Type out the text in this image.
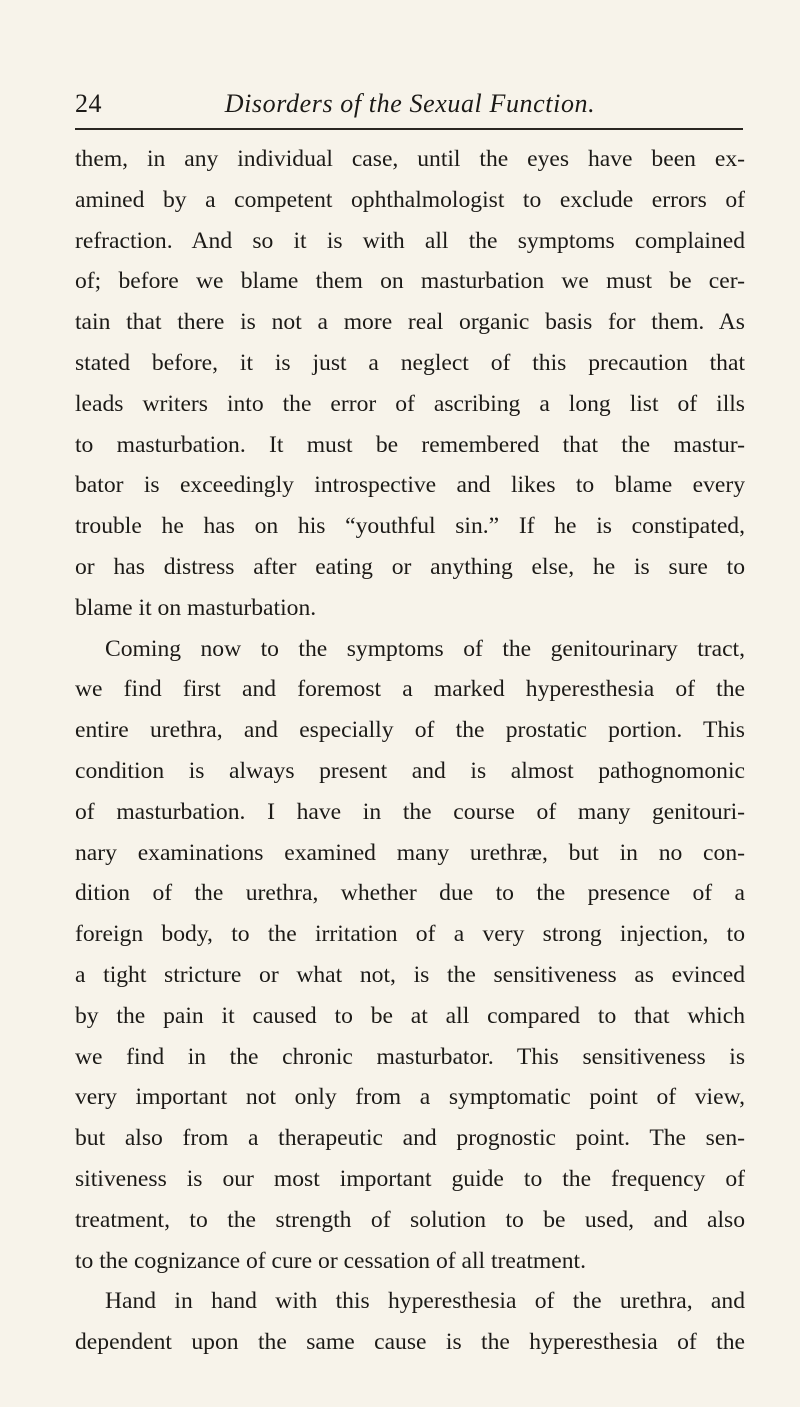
24	Disorders of the Sexual Function.
them, in any individual case, until the eyes have been ex-
amined by a competent ophthalmologist to exclude errors of
refraction. And so it is with all the symptoms complained
of; before we blame them on masturbation we must be cer-
tain that there is not a more real organic basis for them. As
stated before, it is just a neglect of this precaution that
leads writers into the error of ascribing a long list of ills
to masturbation. It must be remembered that the mastur-
bator is exceedingly introspective and likes to blame every
trouble he has on his “youthful sin.” If he is constipated,
or has distress after eating or anything else, he is sure to
blame it on masturbation.
Coming now to the symptoms of the genitourinary tract,
we find first and foremost a marked hyperesthesia of the
entire urethra, and especially of the prostatic portion. This
condition is always present and is almost pathognomonic
of masturbation. I have in the course of many genitouri-
nary examinations examined many urethræ, but in no con-
dition of the urethra, whether due to the presence of a
foreign body, to the irritation of a very strong injection, to
a tight stricture or what not, is the sensitiveness as evinced
by the pain it caused to be at all compared to that which
we find in the chronic masturbator. This sensitiveness is
very important not only from a symptomatic point of view,
but also from a therapeutic and prognostic point. The sen-
sitiveness is our most important guide to the frequency of
treatment, to the strength of solution to be used, and also
to the cognizance of cure or cessation of all treatment.
Hand in hand with this hyperesthesia of the urethra, and
dependent upon the same cause is the hyperesthesia of the
